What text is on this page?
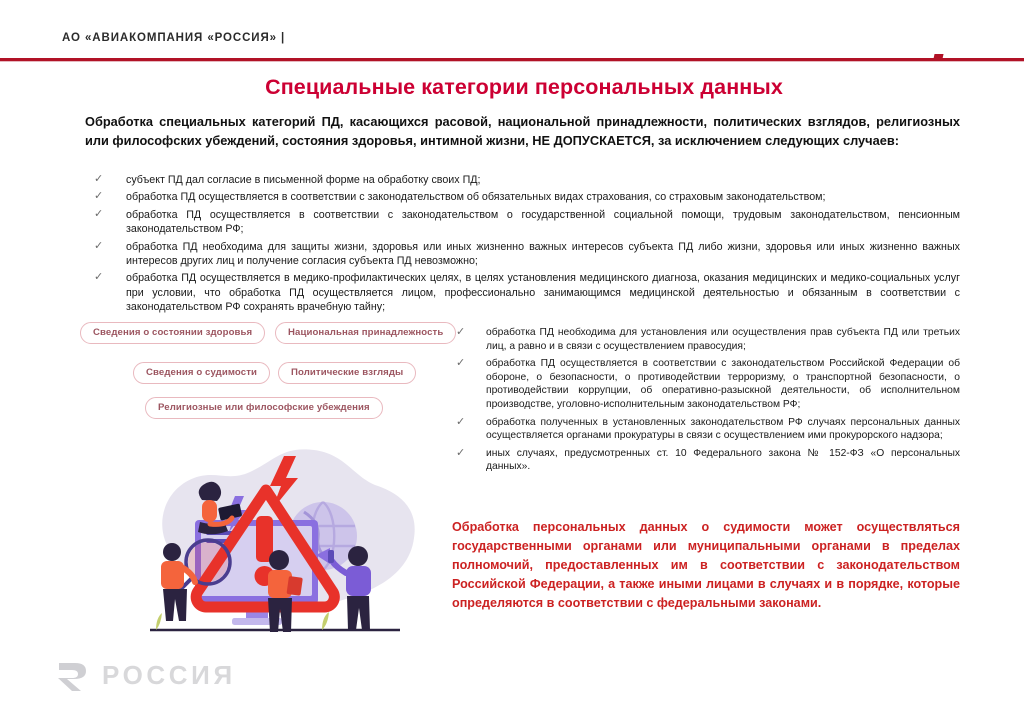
АО «АВИАКОМПАНИЯ «РОССИЯ» |
Специальные категории персональных данных
Обработка специальных категорий ПД, касающихся расовой, национальной принадлежности, политических взглядов, религиозных или философских убеждений, состояния здоровья, интимной жизни, НЕ ДОПУСКАЕТСЯ, за исключением следующих случаев:
✓ субъект ПД дал согласие в письменной форме на обработку своих ПД;
✓ обработка ПД осуществляется в соответствии с законодательством об обязательных видах страхования, со страховым законодательством;
✓ обработка ПД осуществляется в соответствии с законодательством о государственной социальной помощи, трудовым законодательством, пенсионным законодательством РФ;
✓ обработка ПД необходима для защиты жизни, здоровья или иных жизненно важных интересов субъекта ПД либо жизни, здоровья или иных жизненно важных интересов других лиц и получение согласия субъекта ПД невозможно;
✓ обработка ПД осуществляется в медико-профилактических целях, в целях установления медицинского диагноза, оказания медицинских и медико-социальных услуг при условии, что обработка ПД осуществляется лицом, профессионально занимающимся медицинской деятельностью и обязанным в соответствии с законодательством РФ сохранять врачебную тайну;
Сведения о состоянии здоровья	Национальная принадлежность
Сведения о судимости	Политические взгляды
Религиозные или философские убеждения
✓ обработка ПД необходима для установления или осуществления прав субъекта ПД или третьих лиц, а равно и в связи с осуществлением правосудия;
✓ обработка ПД осуществляется в соответствии с законодательством Российской Федерации об обороне, о безопасности, о противодействии терроризму, о транспортной безопасности, о противодействии коррупции, об оперативно-разыскной деятельности, об исполнительном производстве, уголовно-исполнительным законодательством РФ;
✓ обработка полученных в установленных законодательством РФ случаях персональных данных осуществляется органами прокуратуры в связи с осуществлением ими прокурорского надзора;
✓ иных случаях, предусмотренных ст. 10 Федерального закона № 152-ФЗ «О персональных данных».
Обработка персональных данных о судимости может осуществляться государственными органами или муниципальными органами в пределах полномочий, предоставленных им в соответствии с законодательством Российской Федерации, а также иными лицами в случаях и в порядке, которые определяются в соответствии с федеральными законами.
РОССИЯ
